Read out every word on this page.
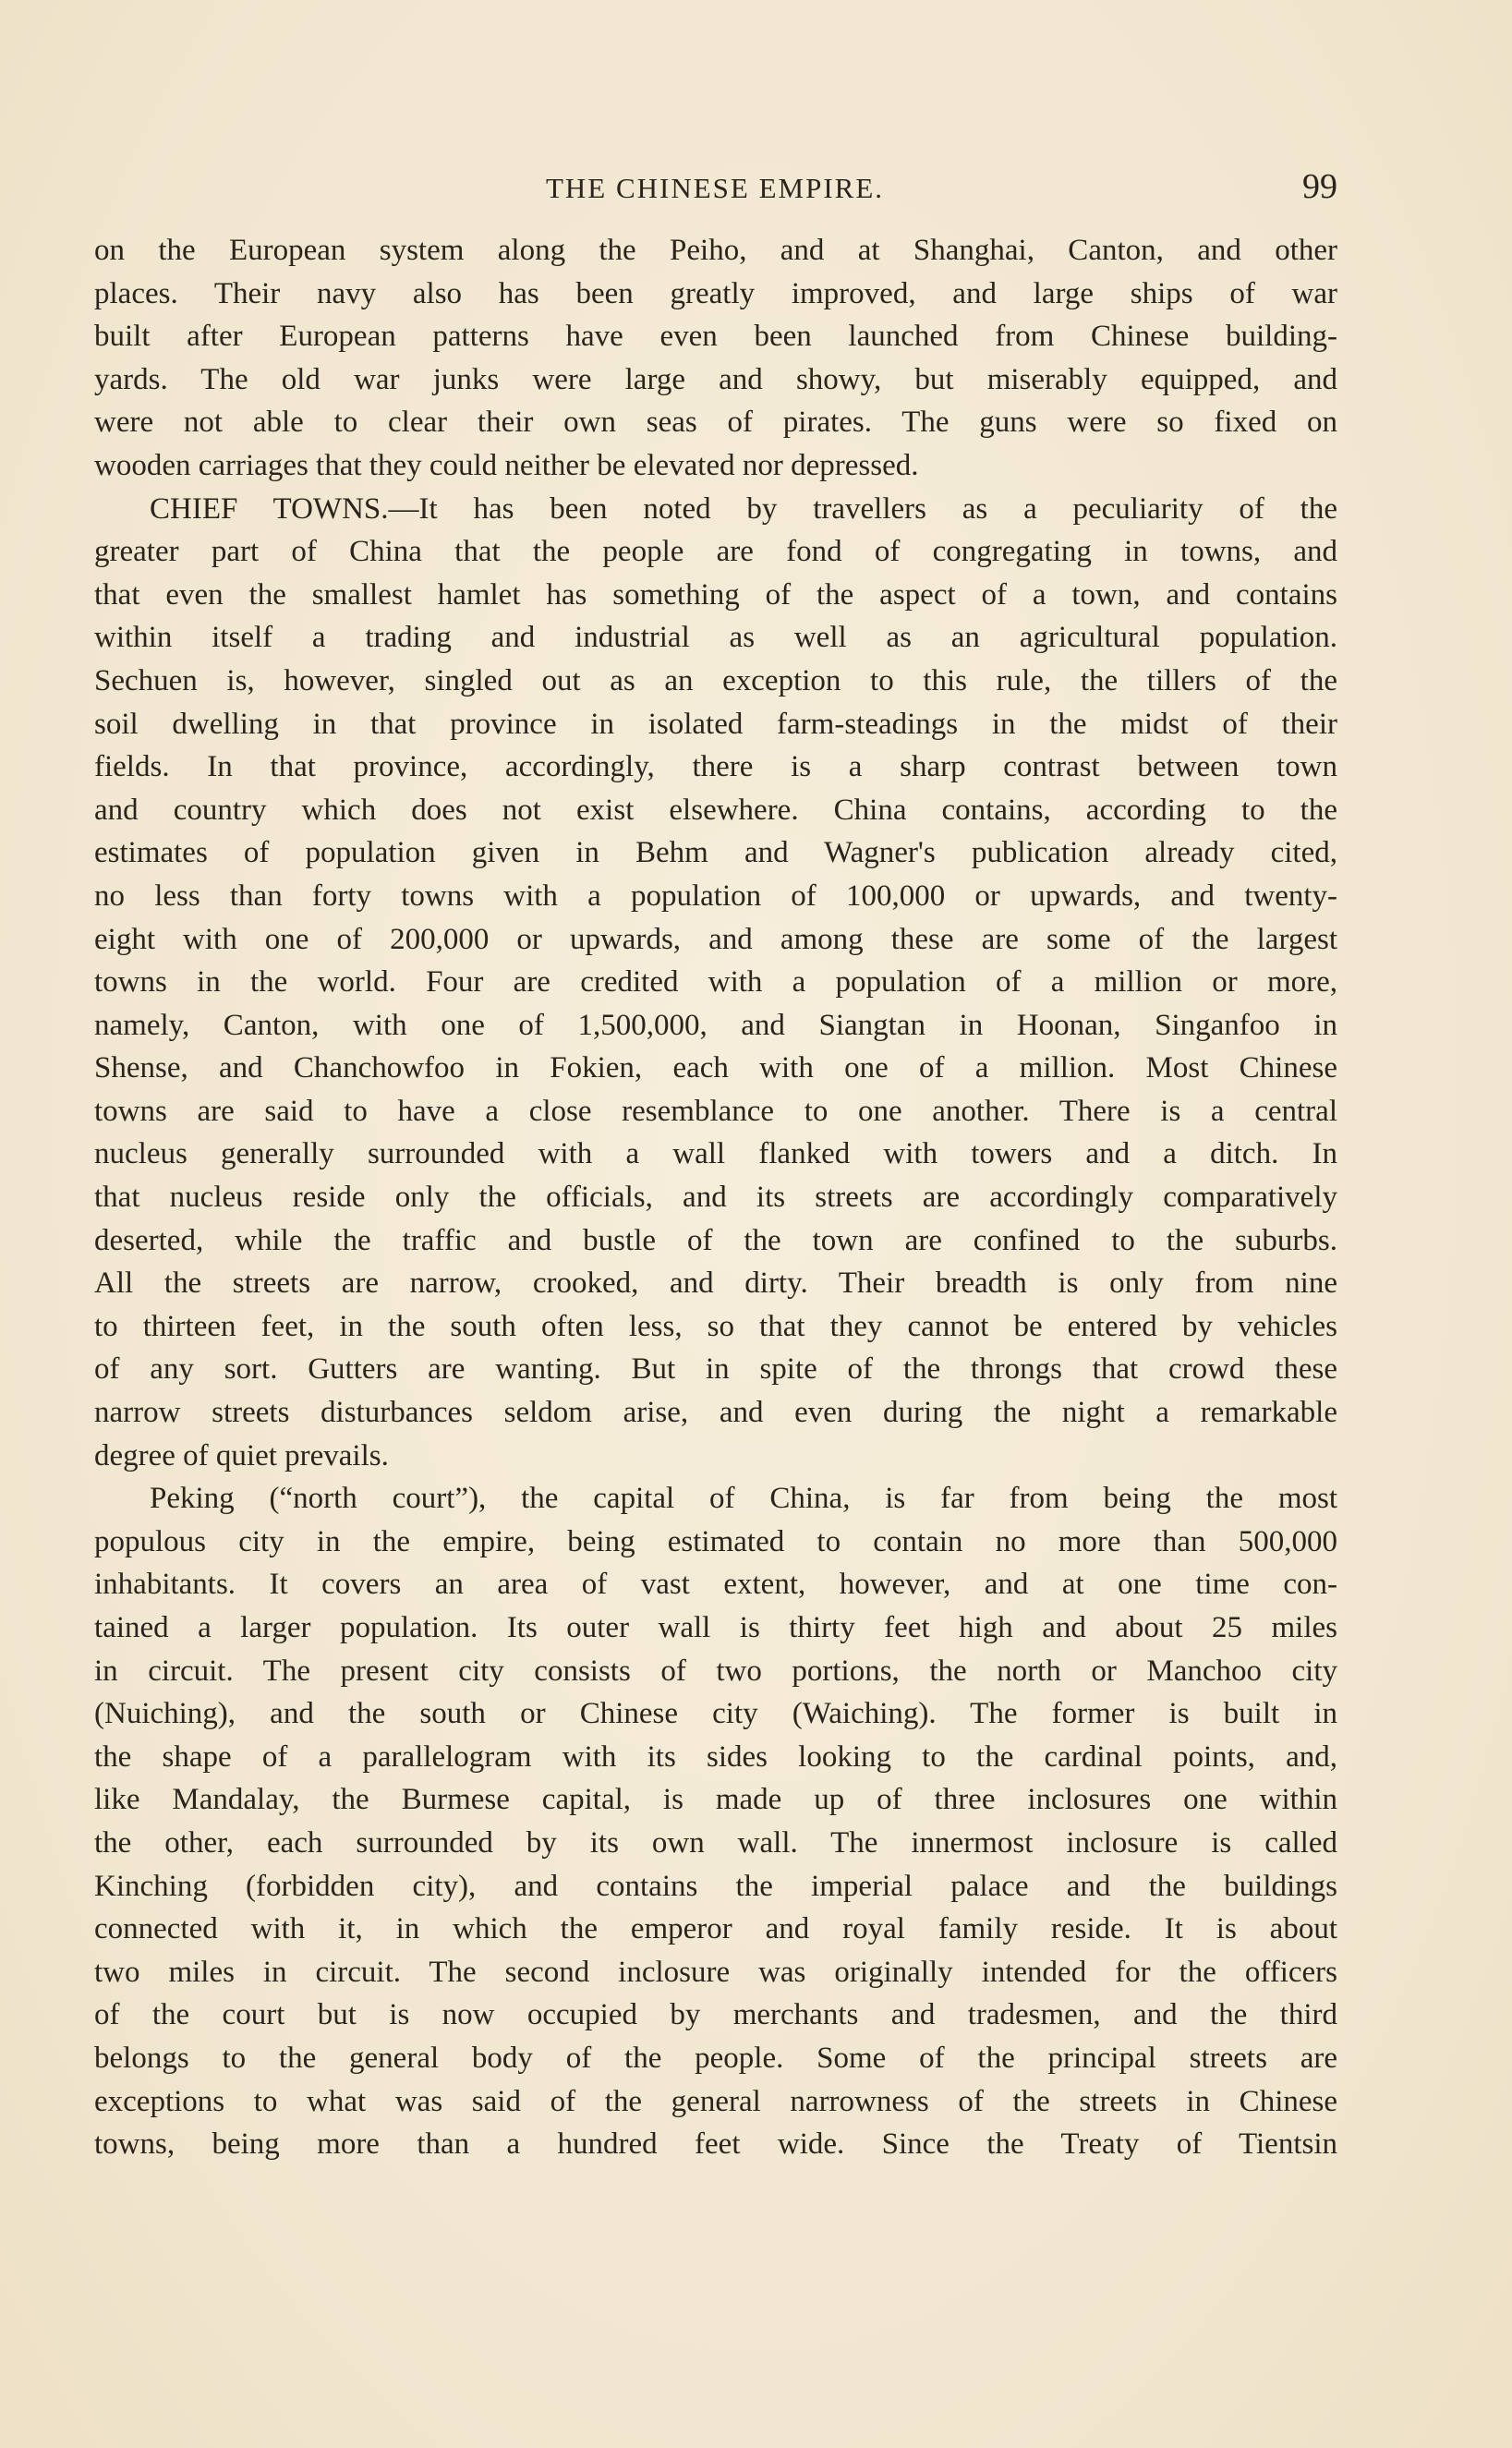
THE CHINESE EMPIRE.	99
on the European system along the Peiho, and at Shanghai, Canton, and other
places. Their navy also has been greatly improved, and large ships of war
built after European patterns have even been launched from Chinese building-
yards. The old war junks were large and showy, but miserably equipped, and
were not able to clear their own seas of pirates. The guns were so fixed on
wooden carriages that they could neither be elevated nor depressed.
CHIEF TOWNS.—It has been noted by travellers as a peculiarity of the
greater part of China that the people are fond of congregating in towns, and
that even the smallest hamlet has something of the aspect of a town, and contains
within itself a trading and industrial as well as an agricultural population.
Sechuen is, however, singled out as an exception to this rule, the tillers of the
soil dwelling in that province in isolated farm-steadings in the midst of their
fields. In that province, accordingly, there is a sharp contrast between town
and country which does not exist elsewhere. China contains, according to the
estimates of population given in Behm and Wagner's publication already cited,
no less than forty towns with a population of 100,000 or upwards, and twenty-
eight with one of 200,000 or upwards, and among these are some of the largest
towns in the world. Four are credited with a population of a million or more,
namely, Canton, with one of 1,500,000, and Siangtan in Hoonan, Singanfoo in
Shense, and Chanchowfoo in Fokien, each with one of a million. Most Chinese
towns are said to have a close resemblance to one another. There is a central
nucleus generally surrounded with a wall flanked with towers and a ditch. In
that nucleus reside only the officials, and its streets are accordingly comparatively
deserted, while the traffic and bustle of the town are confined to the suburbs.
All the streets are narrow, crooked, and dirty. Their breadth is only from nine
to thirteen feet, in the south often less, so that they cannot be entered by vehicles
of any sort. Gutters are wanting. But in spite of the throngs that crowd these
narrow streets disturbances seldom arise, and even during the night a remarkable
degree of quiet prevails.
Peking (“north court”), the capital of China, is far from being the most
populous city in the empire, being estimated to contain no more than 500,000
inhabitants. It covers an area of vast extent, however, and at one time con-
tained a larger population. Its outer wall is thirty feet high and about 25 miles
in circuit. The present city consists of two portions, the north or Manchoo city
(Nuiching), and the south or Chinese city (Waiching). The former is built in
the shape of a parallelogram with its sides looking to the cardinal points, and,
like Mandalay, the Burmese capital, is made up of three inclosures one within
the other, each surrounded by its own wall. The innermost inclosure is called
Kinching (forbidden city), and contains the imperial palace and the buildings
connected with it, in which the emperor and royal family reside. It is about
two miles in circuit. The second inclosure was originally intended for the officers
of the court but is now occupied by merchants and tradesmen, and the third
belongs to the general body of the people. Some of the principal streets are
exceptions to what was said of the general narrowness of the streets in Chinese
towns, being more than a hundred feet wide. Since the Treaty of Tientsin
